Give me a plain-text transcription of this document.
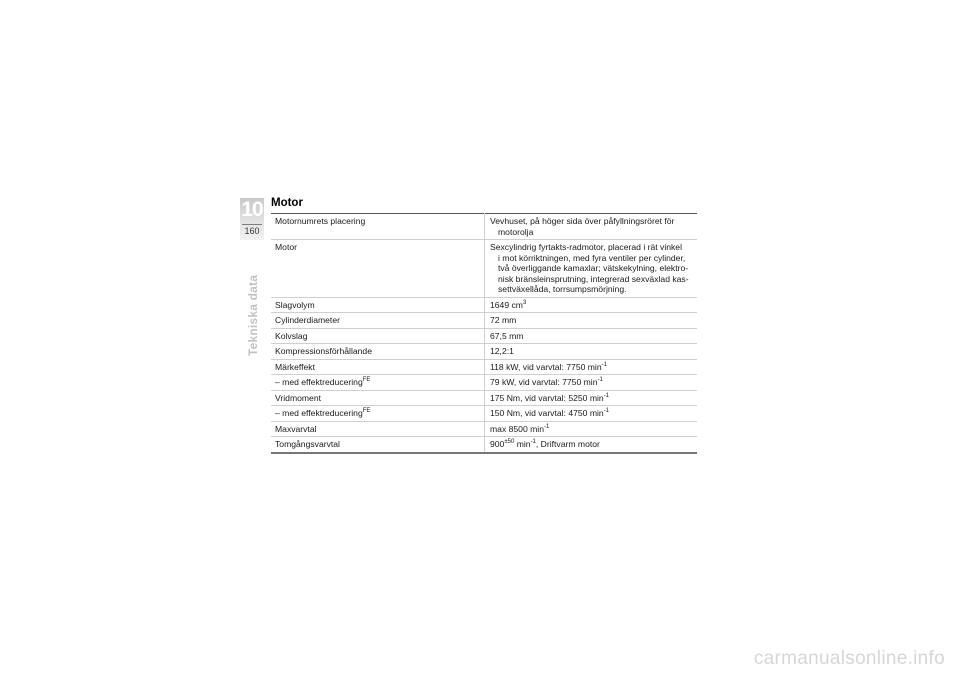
10
160
Tekniska data
Motor
Motornumrets placering	Vevhuset, på höger sida över påfyllningsröret för
motorolja

Motor	Sexcylindrig fyrtakts-radmotor, placerad i rät vinkel
i mot körriktningen, med fyra ventiler per cylinder,
två överliggande kamaxlar; vätskekylning, elektro-
nisk bränsleinsprutning, integrerad sexväxlad kas-
settväxellåda, torrsumpsmörjning.

Slagvolym	1649 $cm^3$
Cylinderdiameter	72 mm
Kolvslag	67,5 mm
Kompressionsförhållande	12,2:1
Märkeffekt	118 kW, vid varvtal: 7750 $\min^{-1}$
– med effektreducering$^{FE}$	79 kW, vid varvtal: 7750 $\min^{-1}$
Vridmoment	175 Nm, vid varvtal: 5250 $\min^{-1}$
– med effektreducering$^{FE}$	150 Nm, vid varvtal: 4750 $\min^{-1}$
Maxvarvtal	max 8500 $\min^{-1}$
Tomgångsvarvtal	$900^{\pm 50}$ $\min^{-1}$, Driftvarm motor
carmanualsonline.info
